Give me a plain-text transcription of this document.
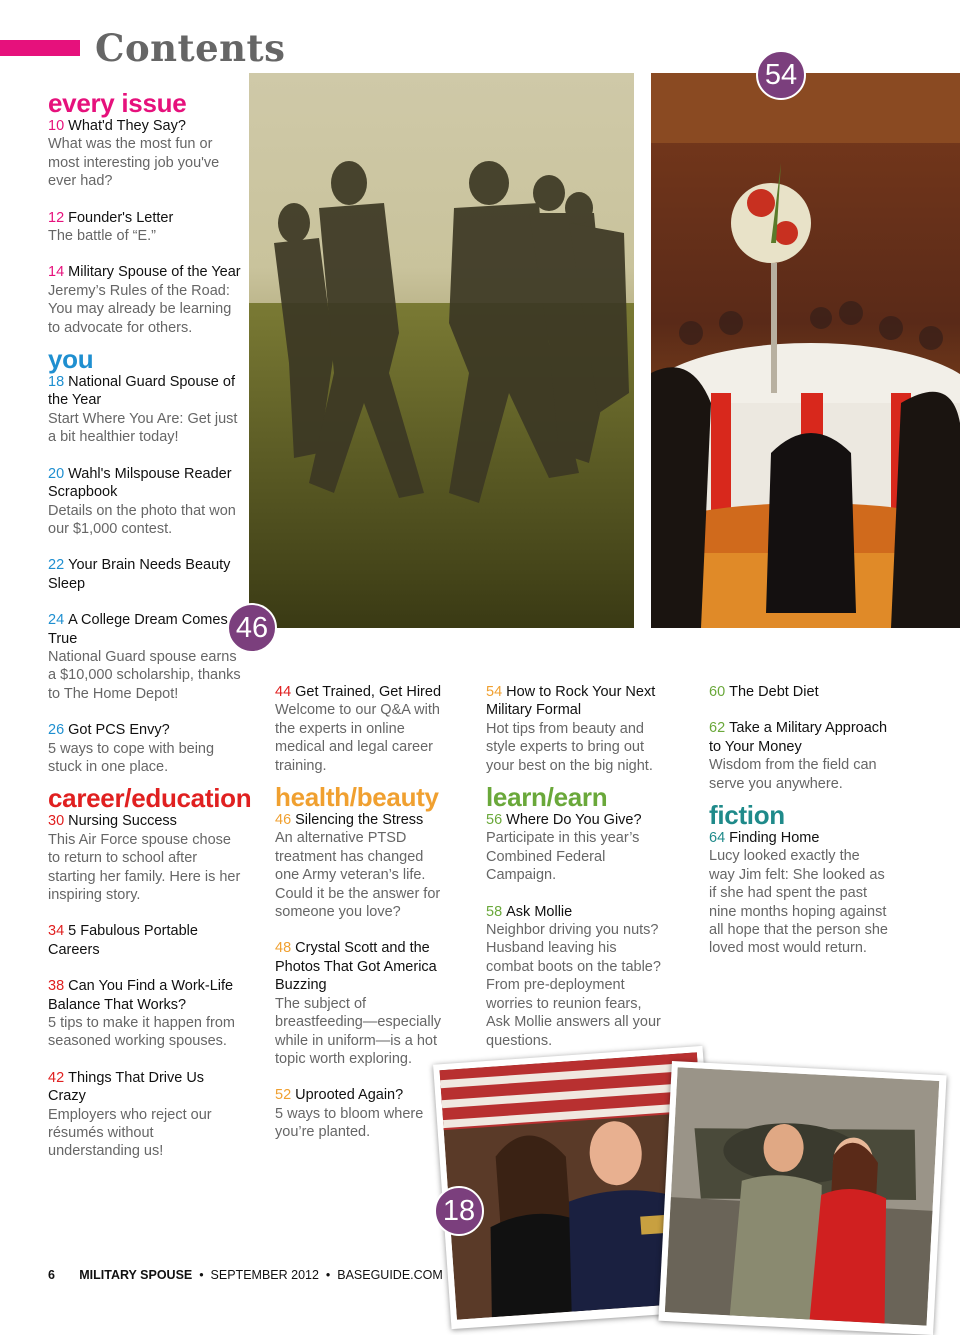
Contents
46
54
18
every issue
10 What'd They Say?
What was the most fun or most interesting job you've ever had?
12 Founder's Letter
The battle of “E.”
14 Military Spouse of the Year
Jeremy’s Rules of the Road: You may already be learning to advocate for others.
you
18 National Guard Spouse of the Year
Start Where You Are: Get just a bit healthier today!
20 Wahl's Milspouse Reader Scrapbook
Details on the photo that won our $1,000 contest.
22 Your Brain Needs Beauty Sleep
24 A College Dream Comes True
National Guard spouse earns a $10,000 scholarship, thanks to The Home Depot!
26 Got PCS Envy?
5 ways to cope with being stuck in one place.
career/education
30 Nursing Success
This Air Force spouse chose to return to school after starting her family. Here is her inspiring story.
34 5 Fabulous Portable Careers
38 Can You Find a Work-Life Balance That Works?
5 tips to make it happen from seasoned working spouses.
42 Things That Drive Us Crazy
Employers who reject our résumés without understanding us!
44 Get Trained, Get Hired
Welcome to our Q&A with the experts in online medical and legal career training.
health/beauty
46 Silencing the Stress
An alternative PTSD treatment has changed one Army veteran’s life. Could it be the answer for someone you love?
48 Crystal Scott and the Photos That Got America Buzzing
The subject of breastfeeding—especially while in uniform—is a hot topic worth exploring.
52 Uprooted Again?
5 ways to bloom where you’re planted.
54 How to Rock Your Next Military Formal
Hot tips from beauty and style experts to bring out your best on the big night.
learn/earn
56 Where Do You Give?
Participate in this year’s Combined Federal Campaign.
58 Ask Mollie
Neighbor driving you nuts? Husband leaving his combat boots on the table? From pre-deployment worries to reunion fears, Ask Mollie answers all your questions.
60 The Debt Diet
62 Take a Military Approach to Your Money
Wisdom from the field can serve you anywhere.
fiction
64 Finding Home
Lucy looked exactly the way Jim felt: She looked as if she had spent the past nine months hoping against all hope that the person she loved most would return.
6 MILITARY SPOUSE • SEPTEMBER 2012 • BASEGUIDE.COM
